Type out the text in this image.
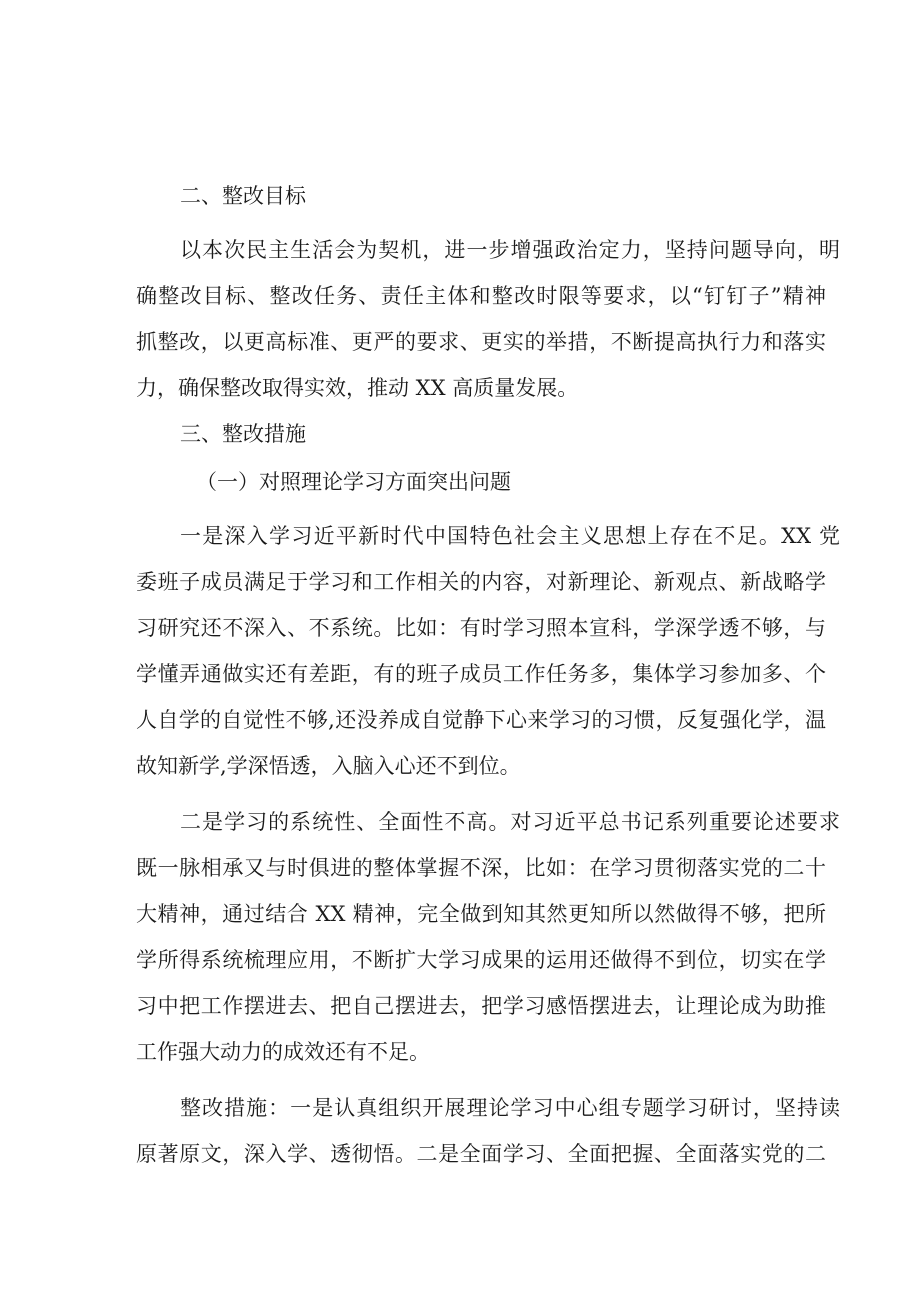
二、整改目标

以本次民主生活会为契机，进一步增强政治定力，坚持问题导向，明

确整改目标、整改任务、责任主体和整改时限等要求，以“钉钉子”精神

抓整改，以更高标准、更严的要求、更实的举措，不断提高执行力和落实

力，确保整改取得实效，推动 XX 高质量发展。

三、整改措施

（一）对照理论学习方面突出问题

一是深入学习近平新时代中国特色社会主义思想上存在不足。XX 党

委班子成员满足于学习和工作相关的内容，对新理论、新观点、新战略学

习研究还不深入、不系统。比如：有时学习照本宣科，学深学透不够，与

学懂弄通做实还有差距，有的班子成员工作任务多，集体学习参加多、个

人自学的自觉性不够,还没养成自觉静下心来学习的习惯，反复强化学，温

故知新学,学深悟透，入脑入心还不到位。

二是学习的系统性、全面性不高。对习近平总书记系列重要论述要求

既一脉相承又与时俱进的整体掌握不深，比如：在学习贯彻落实党的二十

大精神，通过结合 XX 精神，完全做到知其然更知所以然做得不够，把所

学所得系统梳理应用，不断扩大学习成果的运用还做得不到位，切实在学

习中把工作摆进去、把自己摆进去，把学习感悟摆进去，让理论成为助推

工作强大动力的成效还有不足。

整改措施：一是认真组织开展理论学习中心组专题学习研讨，坚持读

原著原文，深入学、透彻悟。二是全面学习、全面把握、全面落实党的二
